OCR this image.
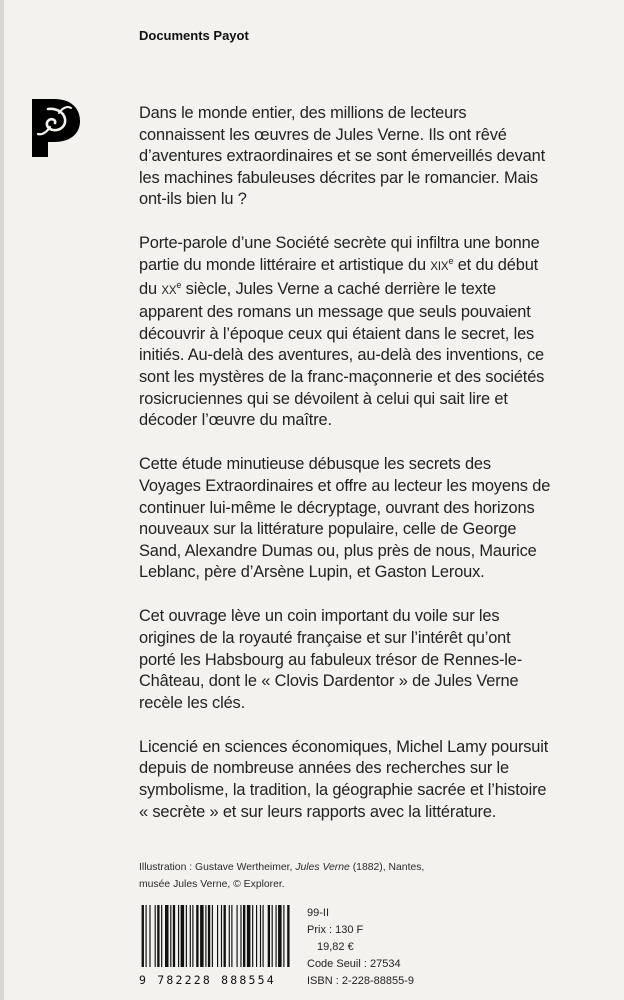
Documents Payot

Dans le monde entier, des millions de lecteurs
connaissent les œuvres de Jules Verne. Ils ont rêvé
d’aventures extraordinaires et se sont émerveillés devant
les machines fabuleuses décrites par le romancier. Mais
ont-ils bien lu ?

Porte-parole d’une Société secrète qui infiltra une bonne
partie du monde littéraire et artistique du XIXe et du début
du XXe siècle, Jules Verne a caché derrière le texte
apparent des romans un message que seuls pouvaient
découvrir à l’époque ceux qui étaient dans le secret, les
initiés. Au-delà des aventures, au-delà des inventions, ce
sont les mystères de la franc-maçonnerie et des sociétés
rosicruciennes qui se dévoilent à celui qui sait lire et
décoder l’œuvre du maître.

Cette étude minutieuse débusque les secrets des
Voyages Extraordinaires et offre au lecteur les moyens de
continuer lui-même le décryptage, ouvrant des horizons
nouveaux sur la littérature populaire, celle de George
Sand, Alexandre Dumas ou, plus près de nous, Maurice
Leblanc, père d’Arsène Lupin, et Gaston Leroux.

Cet ouvrage lève un coin important du voile sur les
origines de la royauté française et sur l’intérêt qu’ont
porté les Habsbourg au fabuleux trésor de Rennes-le-
Château, dont le « Clovis Dardentor » de Jules Verne
recèle les clés.

Licencié en sciences économiques, Michel Lamy poursuit
depuis de nombreuse années des recherches sur le
symbolisme, la tradition, la géographie sacrée et l’histoire
« secrète » et sur leurs rapports avec la littérature.

Illustration : Gustave Wertheimer, Jules Verne (1882), Nantes,
musée Jules Verne, © Explorer.
9 782228 888554
99-II
Prix : 130 F
19,82 €
Code Seuil : 27534
ISBN : 2-228-88855-9
